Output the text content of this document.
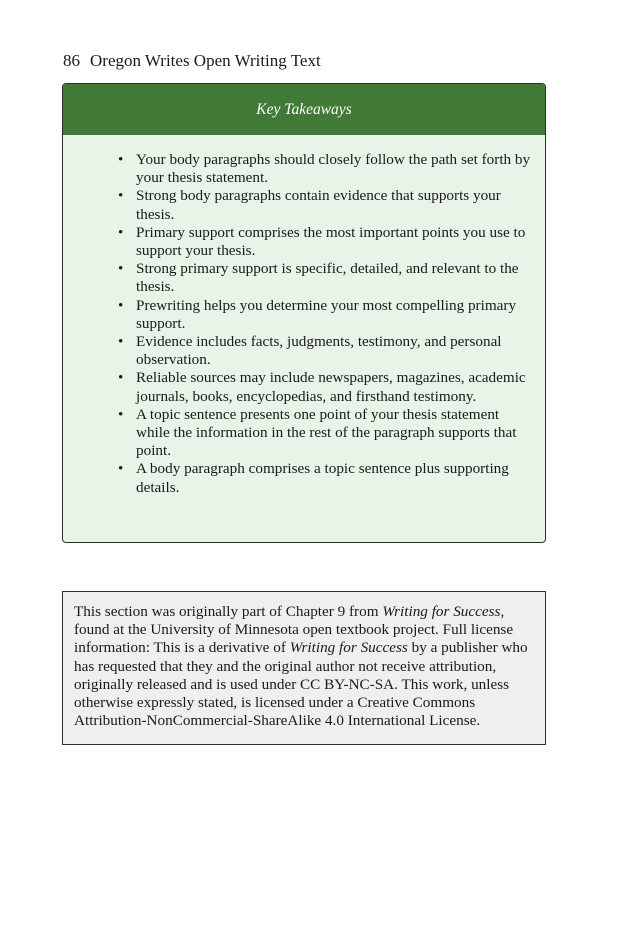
86 Oregon Writes Open Writing Text
Key Takeaways
• Your body paragraphs should closely follow the path set forth by your thesis statement.
• Strong body paragraphs contain evidence that supports your thesis.
• Primary support comprises the most important points you use to support your thesis.
• Strong primary support is specific, detailed, and relevant to the thesis.
• Prewriting helps you determine your most compelling primary support.
• Evidence includes facts, judgments, testimony, and personal observation.
• Reliable sources may include newspapers, magazines, academic journals, books, encyclopedias, and firsthand testimony.
• A topic sentence presents one point of your thesis statement while the information in the rest of the paragraph supports that point.
• A body paragraph comprises a topic sentence plus supporting details.
This section was originally part of Chapter 9 from Writing for Success, found at the University of Minnesota open textbook project. Full license information: This is a derivative of Writing for Success by a publisher who has requested that they and the original author not receive attribution, originally released and is used under CC BY-NC-SA. This work, unless otherwise expressly stated, is licensed under a Creative Commons Attribution-NonCommercial-ShareAlike 4.0 International License.
